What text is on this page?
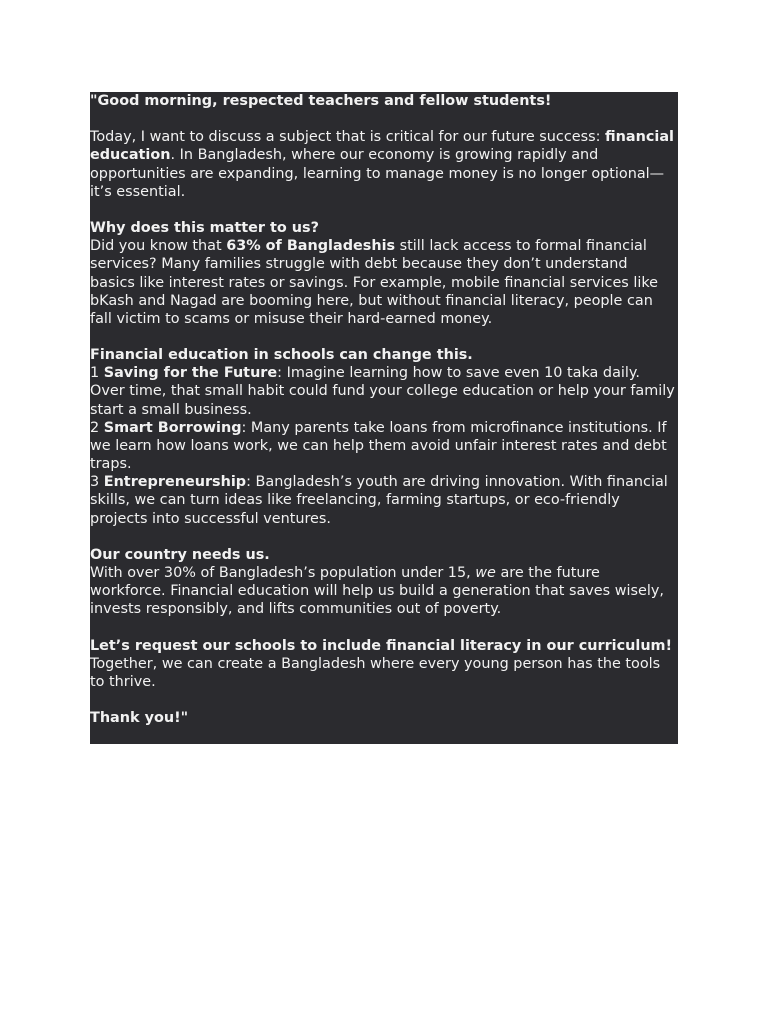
"Good morning, respected teachers and fellow students!

Today, I want to discuss a subject that is critical for our future success: financial education. In Bangladesh, where our economy is growing rapidly and opportunities are expanding, learning to manage money is no longer optional—it’s essential.

Why does this matter to us?

Did you know that 63% of Bangladeshis still lack access to formal financial services? Many families struggle with debt because they don’t understand basics like interest rates or savings. For example, mobile financial services like bKash and Nagad are booming here, but without financial literacy, people can fall victim to scams or misuse their hard-earned money.

Financial education in schools can change this.

1 Saving for the Future: Imagine learning how to save even 10 taka daily. Over time, that small habit could fund your college education or help your family start a small business.

2 Smart Borrowing: Many parents take loans from microfinance institutions. If we learn how loans work, we can help them avoid unfair interest rates and debt traps.

3 Entrepreneurship: Bangladesh’s youth are driving innovation. With financial skills, we can turn ideas like freelancing, farming startups, or eco-friendly projects into successful ventures.

Our country needs us.

With over 30% of Bangladesh’s population under 15, we are the future workforce. Financial education will help us build a generation that saves wisely, invests responsibly, and lifts communities out of poverty.

Let’s request our schools to include financial literacy in our curriculum!

Together, we can create a Bangladesh where every young person has the tools to thrive.

Thank you!"
